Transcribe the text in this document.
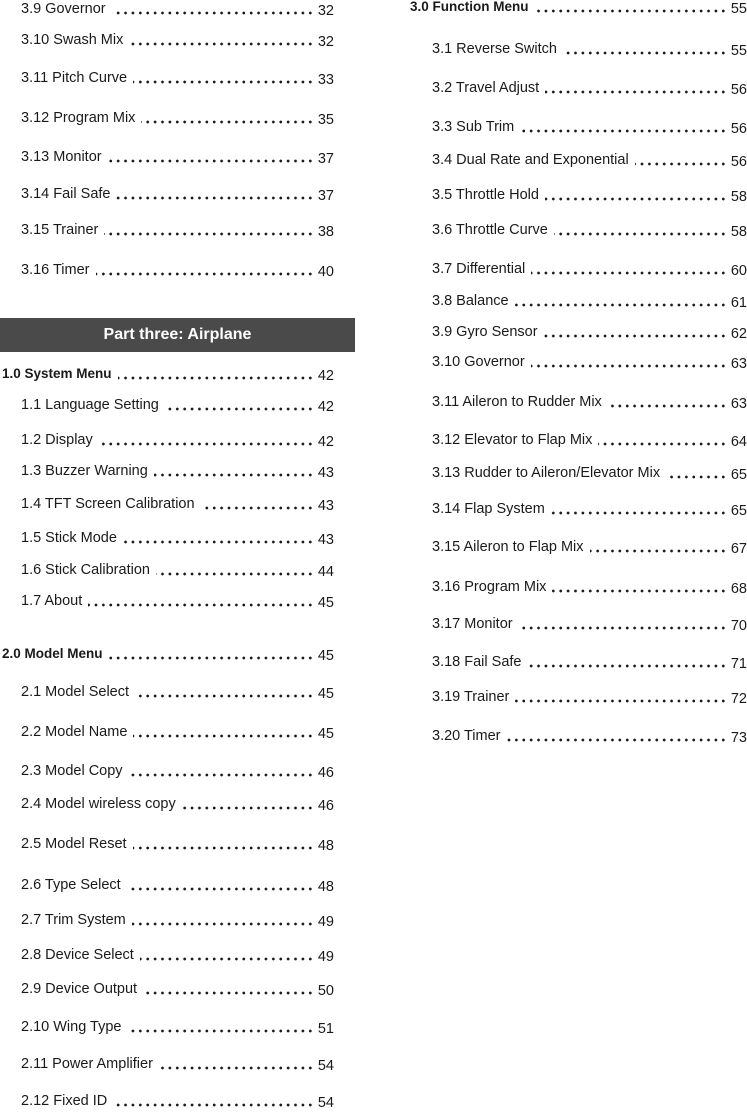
3.9 Governor	32
3.10 Swash Mix	32
3.11 Pitch Curve	33
3.12 Program Mix	35
3.13 Monitor	37
3.14 Fail Safe	37
3.15 Trainer	38
3.16 Timer	40
1.0 System Menu	42
1.1 Language Setting	42
1.2 Display	42
1.3 Buzzer Warning	43
1.4 TFT Screen Calibration	43
1.5 Stick Mode	43
1.6 Stick Calibration	44
1.7 About	45
2.0 Model Menu	45
2.1 Model Select	45
2.2 Model Name	45
2.3 Model Copy	46
2.4 Model wireless copy	46
2.5 Model Reset	48
2.6 Type Select	48
2.7 Trim System	49
2.8 Device Select	49
2.9 Device Output	50
2.10 Wing Type	51
2.11 Power Amplifier	54
2.12 Fixed ID	54
Part three: Airplane
3.0 Function Menu	55
3.1 Reverse Switch	55
3.2 Travel Adjust	56
3.3 Sub Trim	56
3.4 Dual Rate and Exponential	56
3.5 Throttle Hold	58
3.6 Throttle Curve	58
3.7 Differential	60
3.8 Balance	61
3.9 Gyro Sensor	62
3.10 Governor	63
3.11 Aileron to Rudder Mix	63
3.12 Elevator to Flap Mix	64
3.13 Rudder to Aileron/Elevator Mix	65
3.14 Flap System	65
3.15 Aileron to Flap Mix	67
3.16 Program Mix	68
3.17 Monitor	70
3.18 Fail Safe	71
3.19 Trainer	72
3.20 Timer	73
